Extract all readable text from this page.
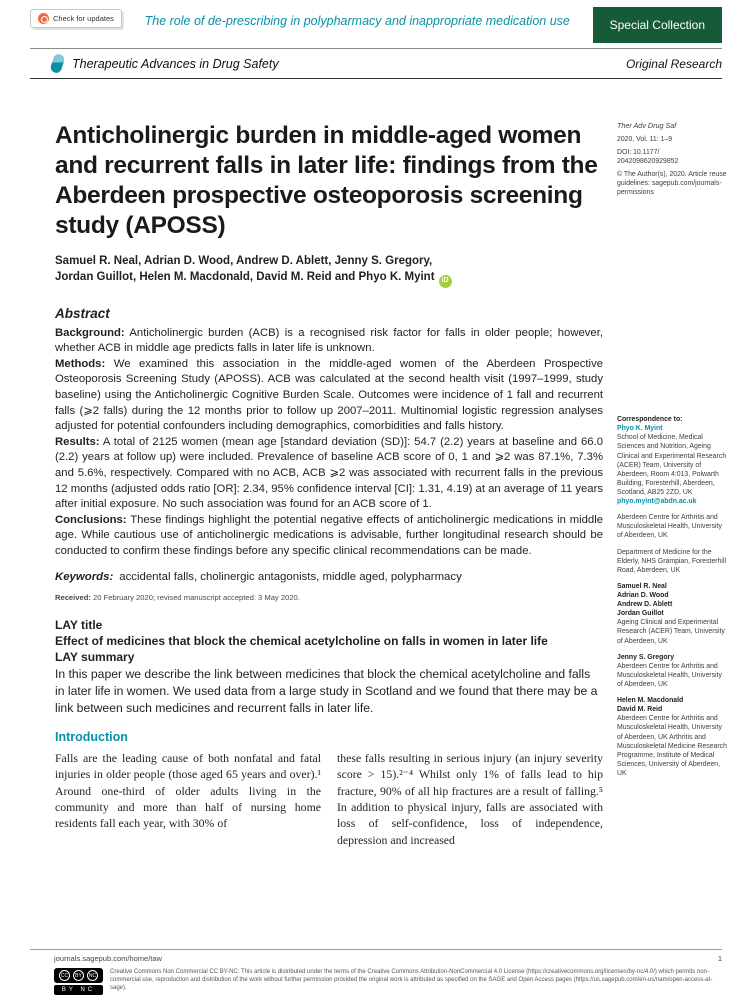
Check for updates	The role of de-prescribing in polypharmacy and inappropriate medication use	Special Collection
Therapeutic Advances in Drug Safety	Original Research
Anticholinergic burden in middle-aged women and recurrent falls in later life: findings from the Aberdeen prospective osteoporosis screening study (APOSS)
Samuel R. Neal, Adrian D. Wood, Andrew D. Ablett, Jenny S. Gregory,
Jordan Guillot, Helen M. Macdonald, David M. Reid and Phyo K. Myint iD
Abstract

Background: Anticholinergic burden (ACB) is a recognised risk factor for falls in older people; however, whether ACB in middle age predicts falls in later life is unknown.

Methods: We examined this association in the middle-aged women of the Aberdeen Prospective Osteoporosis Screening Study (APOSS). ACB was calculated at the second health visit (1997–1999, study baseline) using the Anticholinergic Cognitive Burden Scale. Outcomes were incidence of 1 fall and recurrent falls (⩾2 falls) during the 12 months prior to follow up 2007–2011. Multinomial logistic regression analyses adjusted for potential confounders including demographics, comorbidities and falls history.

Results: A total of 2125 women (mean age [standard deviation (SD)]: 54.7 (2.2) years at baseline and 66.0 (2.2) years at follow up) were included. Prevalence of baseline ACB score of 0, 1 and ⩾2 was 87.1%, 7.3% and 5.6%, respectively. Compared with no ACB, ACB ⩾2 was associated with recurrent falls in the previous 12 months (adjusted odds ratio [OR]: 2.34, 95% confidence interval [CI]: 1.31, 4.19) at an average of 11 years after initial exposure. No such association was found for an ACB score of 1.

Conclusions: These findings highlight the potential negative effects of anticholinergic medications in middle age. While cautious use of anticholinergic medications is advisable, further longitudinal research should be conducted to confirm these findings before any specific clinical recommendations can be made.

Keywords: accidental falls, cholinergic antagonists, middle aged, polypharmacy
Received: 20 February 2020; revised manuscript accepted: 3 May 2020.
LAY title
Effect of medicines that block the chemical acetylcholine on falls in women in later life
LAY summary
In this paper we describe the link between medicines that block the chemical acetylcholine and falls in later life in women. We used data from a large study in Scotland and we found that there may be a link between such medicines and recurrent falls in later life.
Introduction
Falls are the leading cause of both nonfatal and fatal injuries in older people (those aged 65 years and over).¹ Around one-third of older adults living in the community and more than half of nursing home residents fall each year, with 30% of
these falls resulting in serious injury (an injury severity score > 15).²⁻⁴ Whilst only 1% of falls lead to hip fracture, 90% of all hip fractures are a result of falling.⁵ In addition to physical injury, falls are associated with loss of self-confidence, loss of independence, depression and increased
Ther Adv Drug Saf
2020, Vol. 11: 1–9
DOI: 10.1177/
2042098620929852
© The Author(s), 2020. Article reuse guidelines: sagepub.com/journals-permissions
Correspondence to:
Phyo K. Myint
School of Medicine, Medical Sciences and Nutrition, Ageing Clinical and Experimental Research (ACER) Team, University of Aberdeen, Room 4:013, Polwarth Building, Foresterhill, Aberdeen, Scotland, AB25 2ZD, UK
phyo.myint@abdn.ac.uk
Aberdeen Centre for Arthritis and Musculoskeletal Health, University of Aberdeen, UK
Department of Medicine for the Elderly, NHS Grampian, Foresterhill Road, Aberdeen, UK
Samuel R. Neal
Adrian D. Wood
Andrew D. Ablett
Jordan Guillot
Ageing Clinical and Experimental Research (ACER) Team, University of Aberdeen, UK
Jenny S. Gregory
Aberdeen Centre for Arthritis and Musculoskeletal Health, University of Aberdeen, UK
Helen M. Macdonald
David M. Reid
Aberdeen Centre for Arthritis and Musculoskeletal Health, University of Aberdeen, UK Arthritis and Musculoskeletal Medicine Research Programme, Institute of Medical Sciences, University of Aberdeen, UK
journals.sagepub.com/home/taw	1
CC	BY	NC
BY NC
Creative Commons Non Commercial CC BY-NC: This article is distributed under the terms of the Creative Commons Attribution-NonCommercial 4.0 License (https://creativecommons.org/licenses/by-nc/4.0/) which permits non-commercial use, reproduction and distribution of the work without further permission provided the original work is attributed as specified on the SAGE and Open Access pages (https://us.sagepub.com/en-us/nam/open-access-at-sage).
